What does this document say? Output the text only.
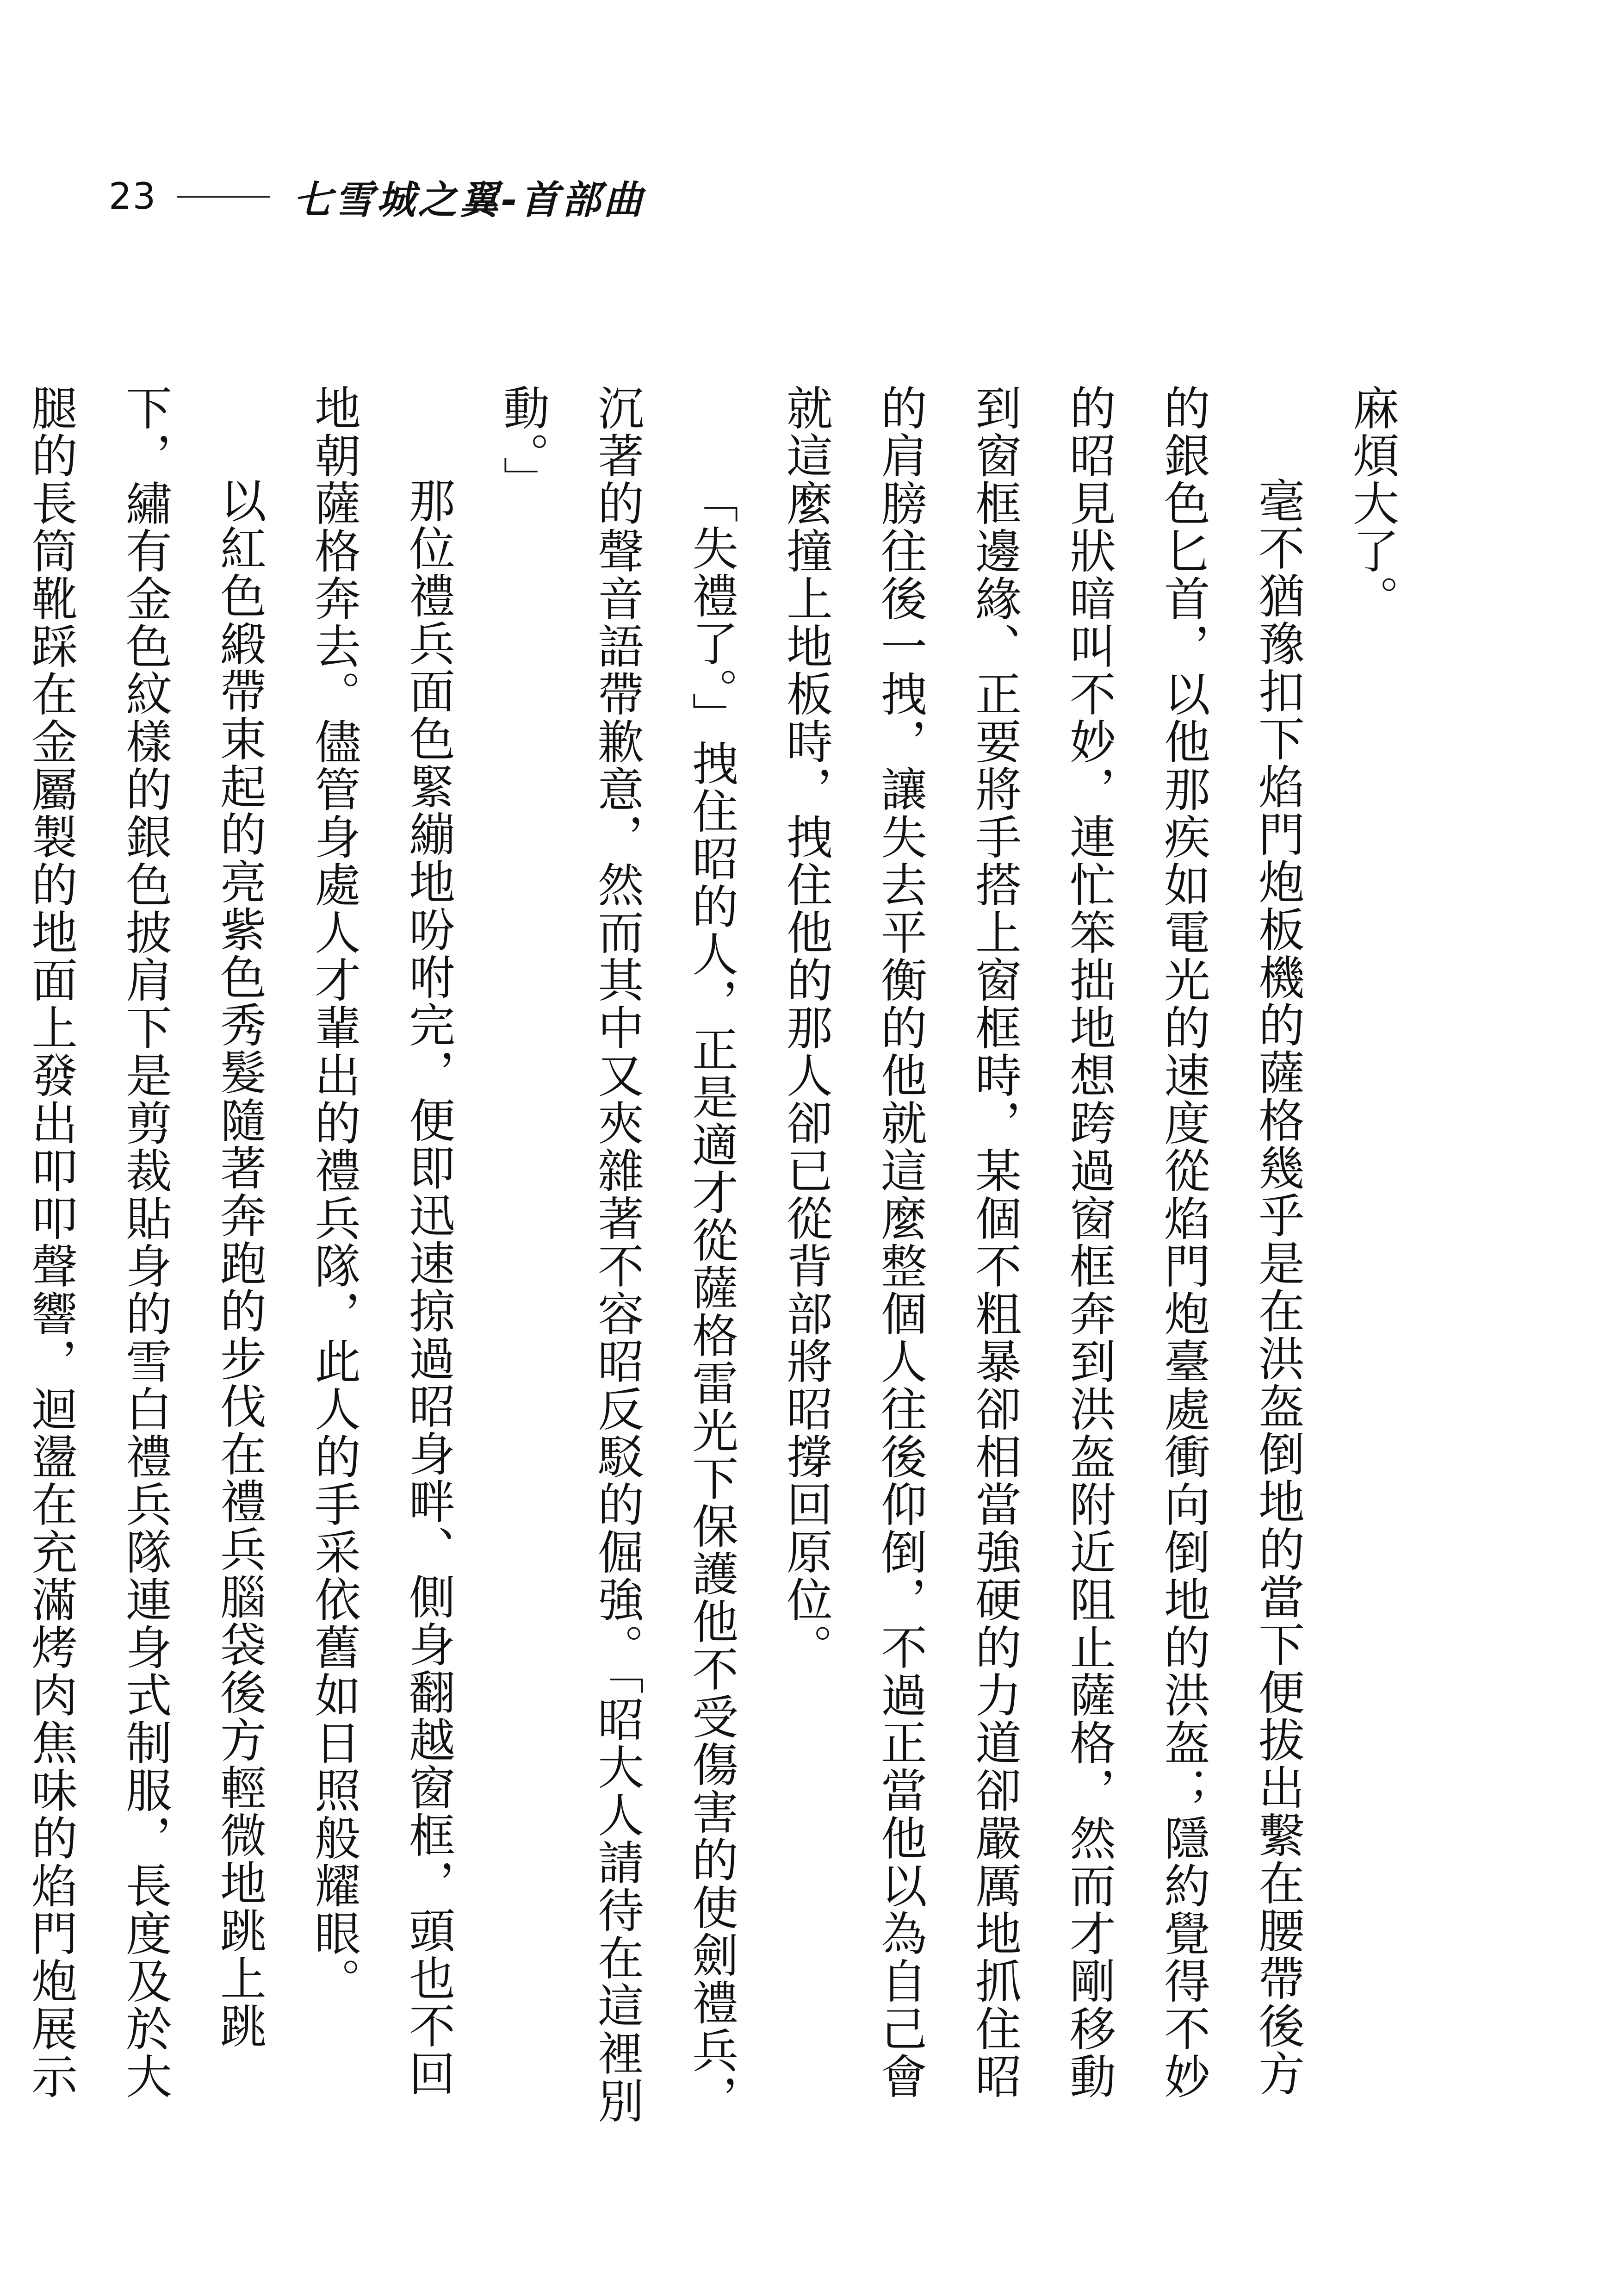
23	七雪城之翼-首部曲

麻煩大了。

毫不猶豫扣下焰門炮板機的薩格幾乎是在洪盔倒地的當下便拔出繫在腰帶後方的銀色匕首，以他那疾如電光的速度從焰門炮臺處衝向倒地的洪盔；隱約覺得不妙的昭見狀暗叫不妙，連忙笨拙地想跨過窗框奔到洪盔附近阻止薩格，然而才剛移動到窗框邊緣、正要將手搭上窗框時，某個不粗暴卻相當強硬的力道卻嚴厲地抓住昭的肩膀往後一拽，讓失去平衡的他就這麼整個人往後仰倒，不過正當他以為自己會就這麼撞上地板時，拽住他的那人卻已從背部將昭撐回原位。

「失禮了。」拽住昭的人，正是適才從薩格雷光下保護他不受傷害的使劍禮兵，沉著的聲音語帶歉意，然而其中又夾雜著不容昭反駁的倔強。「昭大人請待在這裡別動。」

那位禮兵面色緊繃地吩咐完，便即迅速掠過昭身畔、側身翻越窗框，頭也不回地朝薩格奔去。儘管身處人才輩出的禮兵隊，此人的手采依舊如日照般耀眼。

以紅色緞帶束起的亮紫色秀髮隨著奔跑的步伐在禮兵腦袋後方輕微地跳上跳下，繡有金色紋樣的銀色披肩下是剪裁貼身的雪白禮兵隊連身式制服，長度及於大腿的長筒靴踩在金屬製的地面上發出叩叩聲響，迴盪在充滿烤肉焦味的焰門炮展示
